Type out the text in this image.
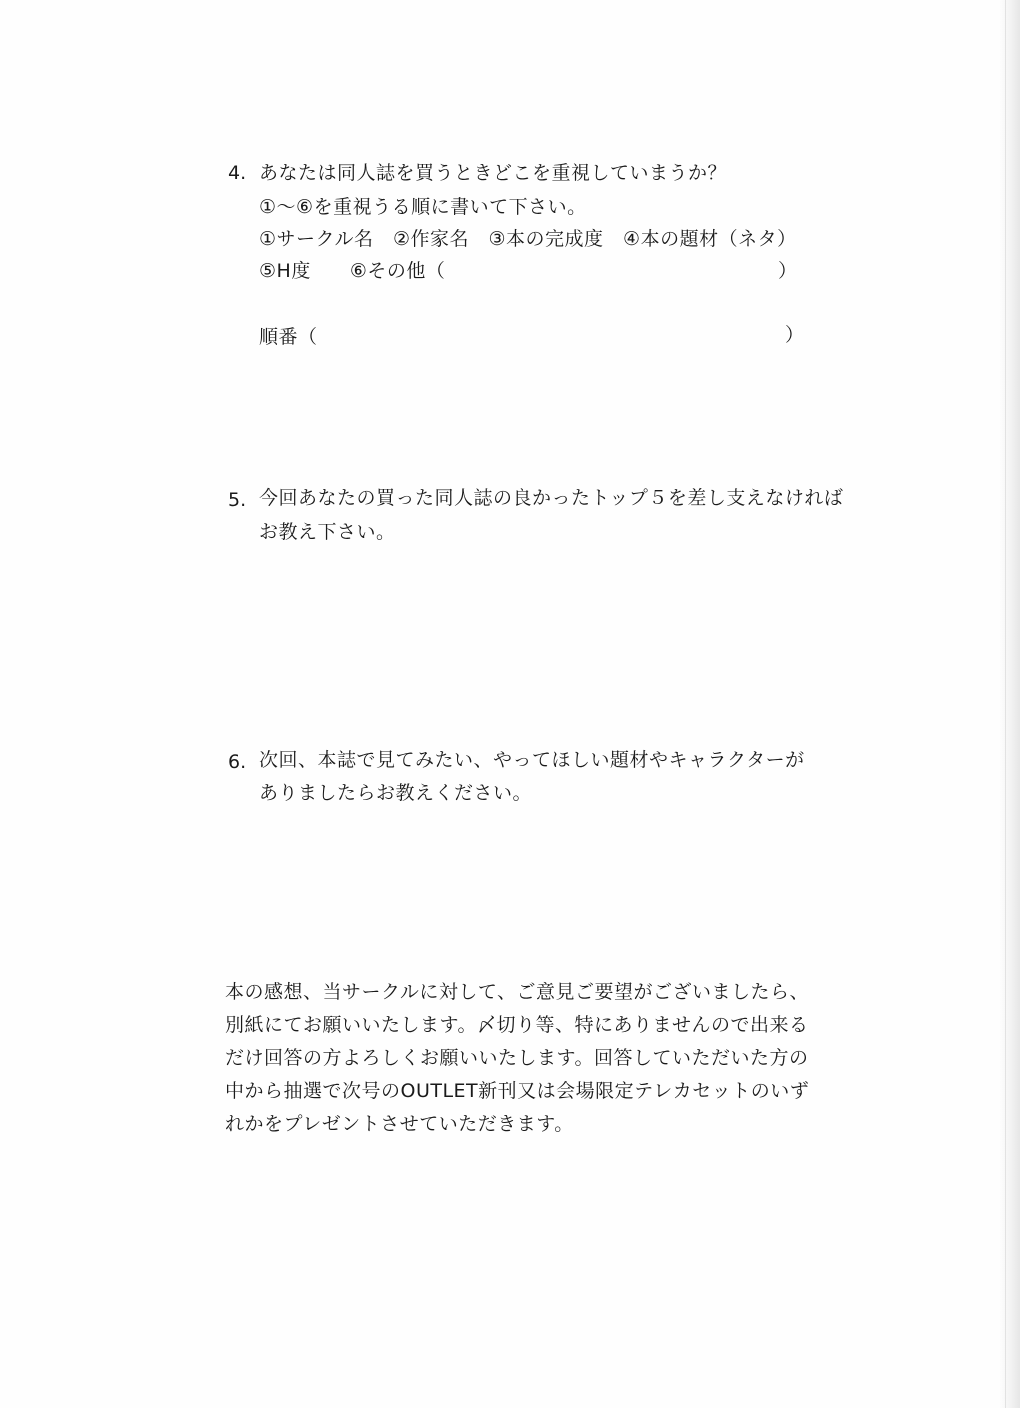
4. あなたは同人誌を買うときどこを重視していまうか？
①～⑥を重視うる順に書いて下さい。
①サークル名　②作家名　③本の完成度　④本の題材（ネタ）
⑤H度　　⑥その他（	）
順番（	）
5. 今回あなたの買った同人誌の良かったトップ５を差し支えなければ
お教え下さい。
6. 次回、本誌で見てみたい、やってほしい題材やキャラクターが
ありましたらお教えください。
本の感想、当サークルに対して、ご意見ご要望がございましたら、
別紙にてお願いいたします。〆切り等、特にありませんので出来る
だけ回答の方よろしくお願いいたします。回答していただいた方の
中から抽選で次号のOUTLET新刊又は会場限定テレカセットのいず
れかをプレゼントさせていただきます。
